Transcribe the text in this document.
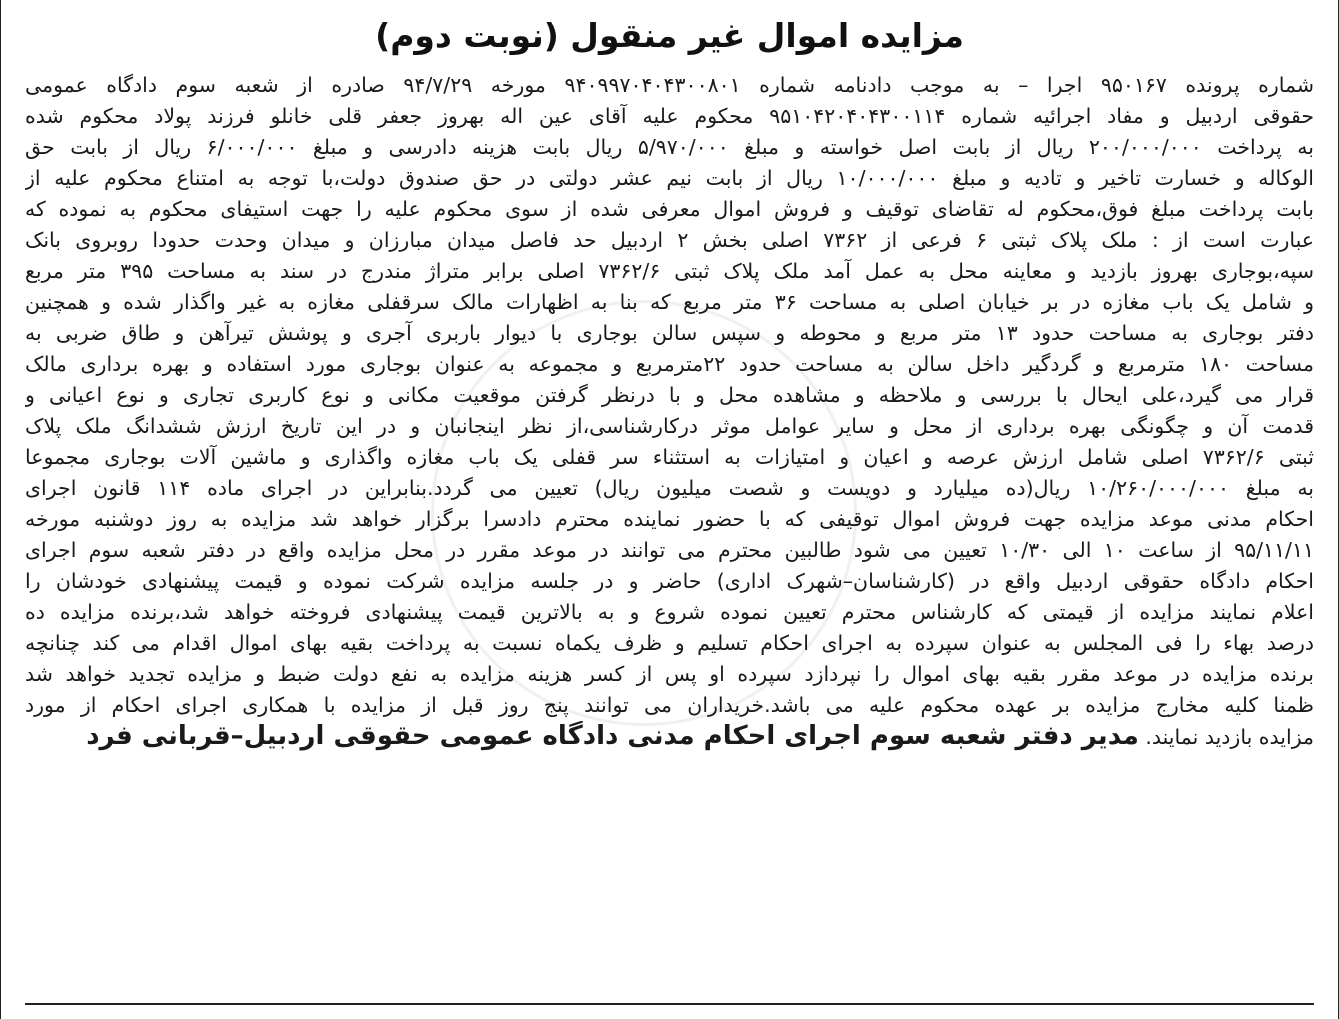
مزایده اموال غیر منقول (نوبت دوم)
شماره پرونده ۹۵۰۱۶۷ اجرا – به موجب دادنامه شماره ۹۴۰۹۹۷۰۴۰۴۳۰۰۸۰۱ مورخه ۹۴/۷/۲۹ صادره از شعبه سوم دادگاه عمومی
حقوقی اردبیل و مفاد اجرائیه شماره ۹۵۱۰۴۲۰۴۰۴۳۰۰۱۱۴ محکوم علیه آقای عین اله بهروز جعفر قلی خانلو فرزند پولاد محکوم شده
به پرداخت ۲۰۰/۰۰۰/۰۰۰ ریال از بابت اصل خواسته و مبلغ ۵/۹۷۰/۰۰۰ ریال بابت هزینه دادرسی و مبلغ ۶/۰۰۰/۰۰۰ ریال از بابت حق
الوکاله و خسارت تاخیر و تادیه و مبلغ ۱۰/۰۰۰/۰۰۰ ریال از بابت نیم عشر دولتی در حق صندوق دولت،با توجه به امتناع محکوم علیه از
بابت پرداخت مبلغ فوق،محکوم له تقاضای توقیف و فروش اموال معرفی شده از سوی محکوم علیه را جهت استیفای محکوم به نموده که
عبارت است از : ملک پلاک ثبتی ۶ فرعی از ۷۳۶۲ اصلی بخش ۲ اردبیل حد فاصل میدان مبارزان و میدان وحدت حدودا روبروی بانک
سپه،بوجاری بهروز بازدید و معاینه محل به عمل آمد ملک پلاک ثبتی ۷۳۶۲/۶ اصلی برابر متراژ مندرج در سند به مساحت ۳۹۵ متر مربع
و شامل یک باب مغازه در بر خیابان اصلی به مساحت ۳۶ متر مربع که بنا به اظهارات مالک سرقفلی مغازه به غیر واگذار شده و همچنین
دفتر بوجاری به مساحت حدود ۱۳ متر مربع و محوطه و سپس سالن بوجاری با دیوار باربری آجری و پوشش تیرآهن و طاق ضربی به
مساحت ۱۸۰ مترمربع و گردگیر داخل سالن به مساحت حدود ۲۲مترمربع و مجموعه به عنوان بوجاری مورد استفاده و بهره برداری مالک
قرار می گیرد،علی ایحال با بررسی و ملاحظه و مشاهده محل و با درنظر گرفتن موقعیت مکانی و نوع کاربری تجاری و نوع اعیانی و
قدمت آن و چگونگی بهره برداری از محل و سایر عوامل موثر درکارشناسی،از نظر اینجانبان و در این تاریخ ارزش ششدانگ ملک پلاک
ثبتی ۷۳۶۲/۶ اصلی شامل ارزش عرصه و اعیان و امتیازات به استثناء سر قفلی یک باب مغازه واگذاری و ماشین آلات بوجاری مجموعا
به مبلغ ۱۰/۲۶۰/۰۰۰/۰۰۰ ریال(ده میلیارد و دویست و شصت میلیون ریال) تعیین می گردد.بنابراین در اجرای ماده ۱۱۴ قانون اجرای
احکام مدنی موعد مزایده جهت فروش اموال توقیفی که با حضور نماینده محترم دادسرا برگزار خواهد شد مزایده به روز دوشنبه مورخه
۹۵/۱۱/۱۱ از ساعت ۱۰ الی ۱۰/۳۰ تعیین می شود طالبین محترم می توانند در موعد مقرر در محل مزایده واقع در دفتر شعبه سوم اجرای
احکام دادگاه حقوقی اردبیل واقع در (کارشناسان–شهرک اداری) حاضر و در جلسه مزایده شرکت نموده و قیمت پیشنهادی خودشان را
اعلام نمایند مزایده از قیمتی که کارشناس محترم تعیین نموده شروع و به بالاترین قیمت پیشنهادی فروخته خواهد شد،برنده مزایده ده
درصد بهاء را فی المجلس به عنوان سپرده به اجرای احکام تسلیم و ظرف یکماه نسبت به پرداخت بقیه بهای اموال اقدام می کند چنانچه
برنده مزایده در موعد مقرر بقیه بهای اموال را نپردازد سپرده او پس از کسر هزینه مزایده به نفع دولت ضبط و مزایده تجدید خواهد شد
ظمنا کلیه مخارج مزایده بر عهده محکوم علیه می باشد.خریداران می توانند پنج روز قبل از مزایده با همکاری اجرای احکام از مورد
مزایده بازدید نمایند. مدیر دفتر شعبه سوم اجرای احکام مدنی دادگاه عمومی حقوقی اردبیل–قربانی فرد
